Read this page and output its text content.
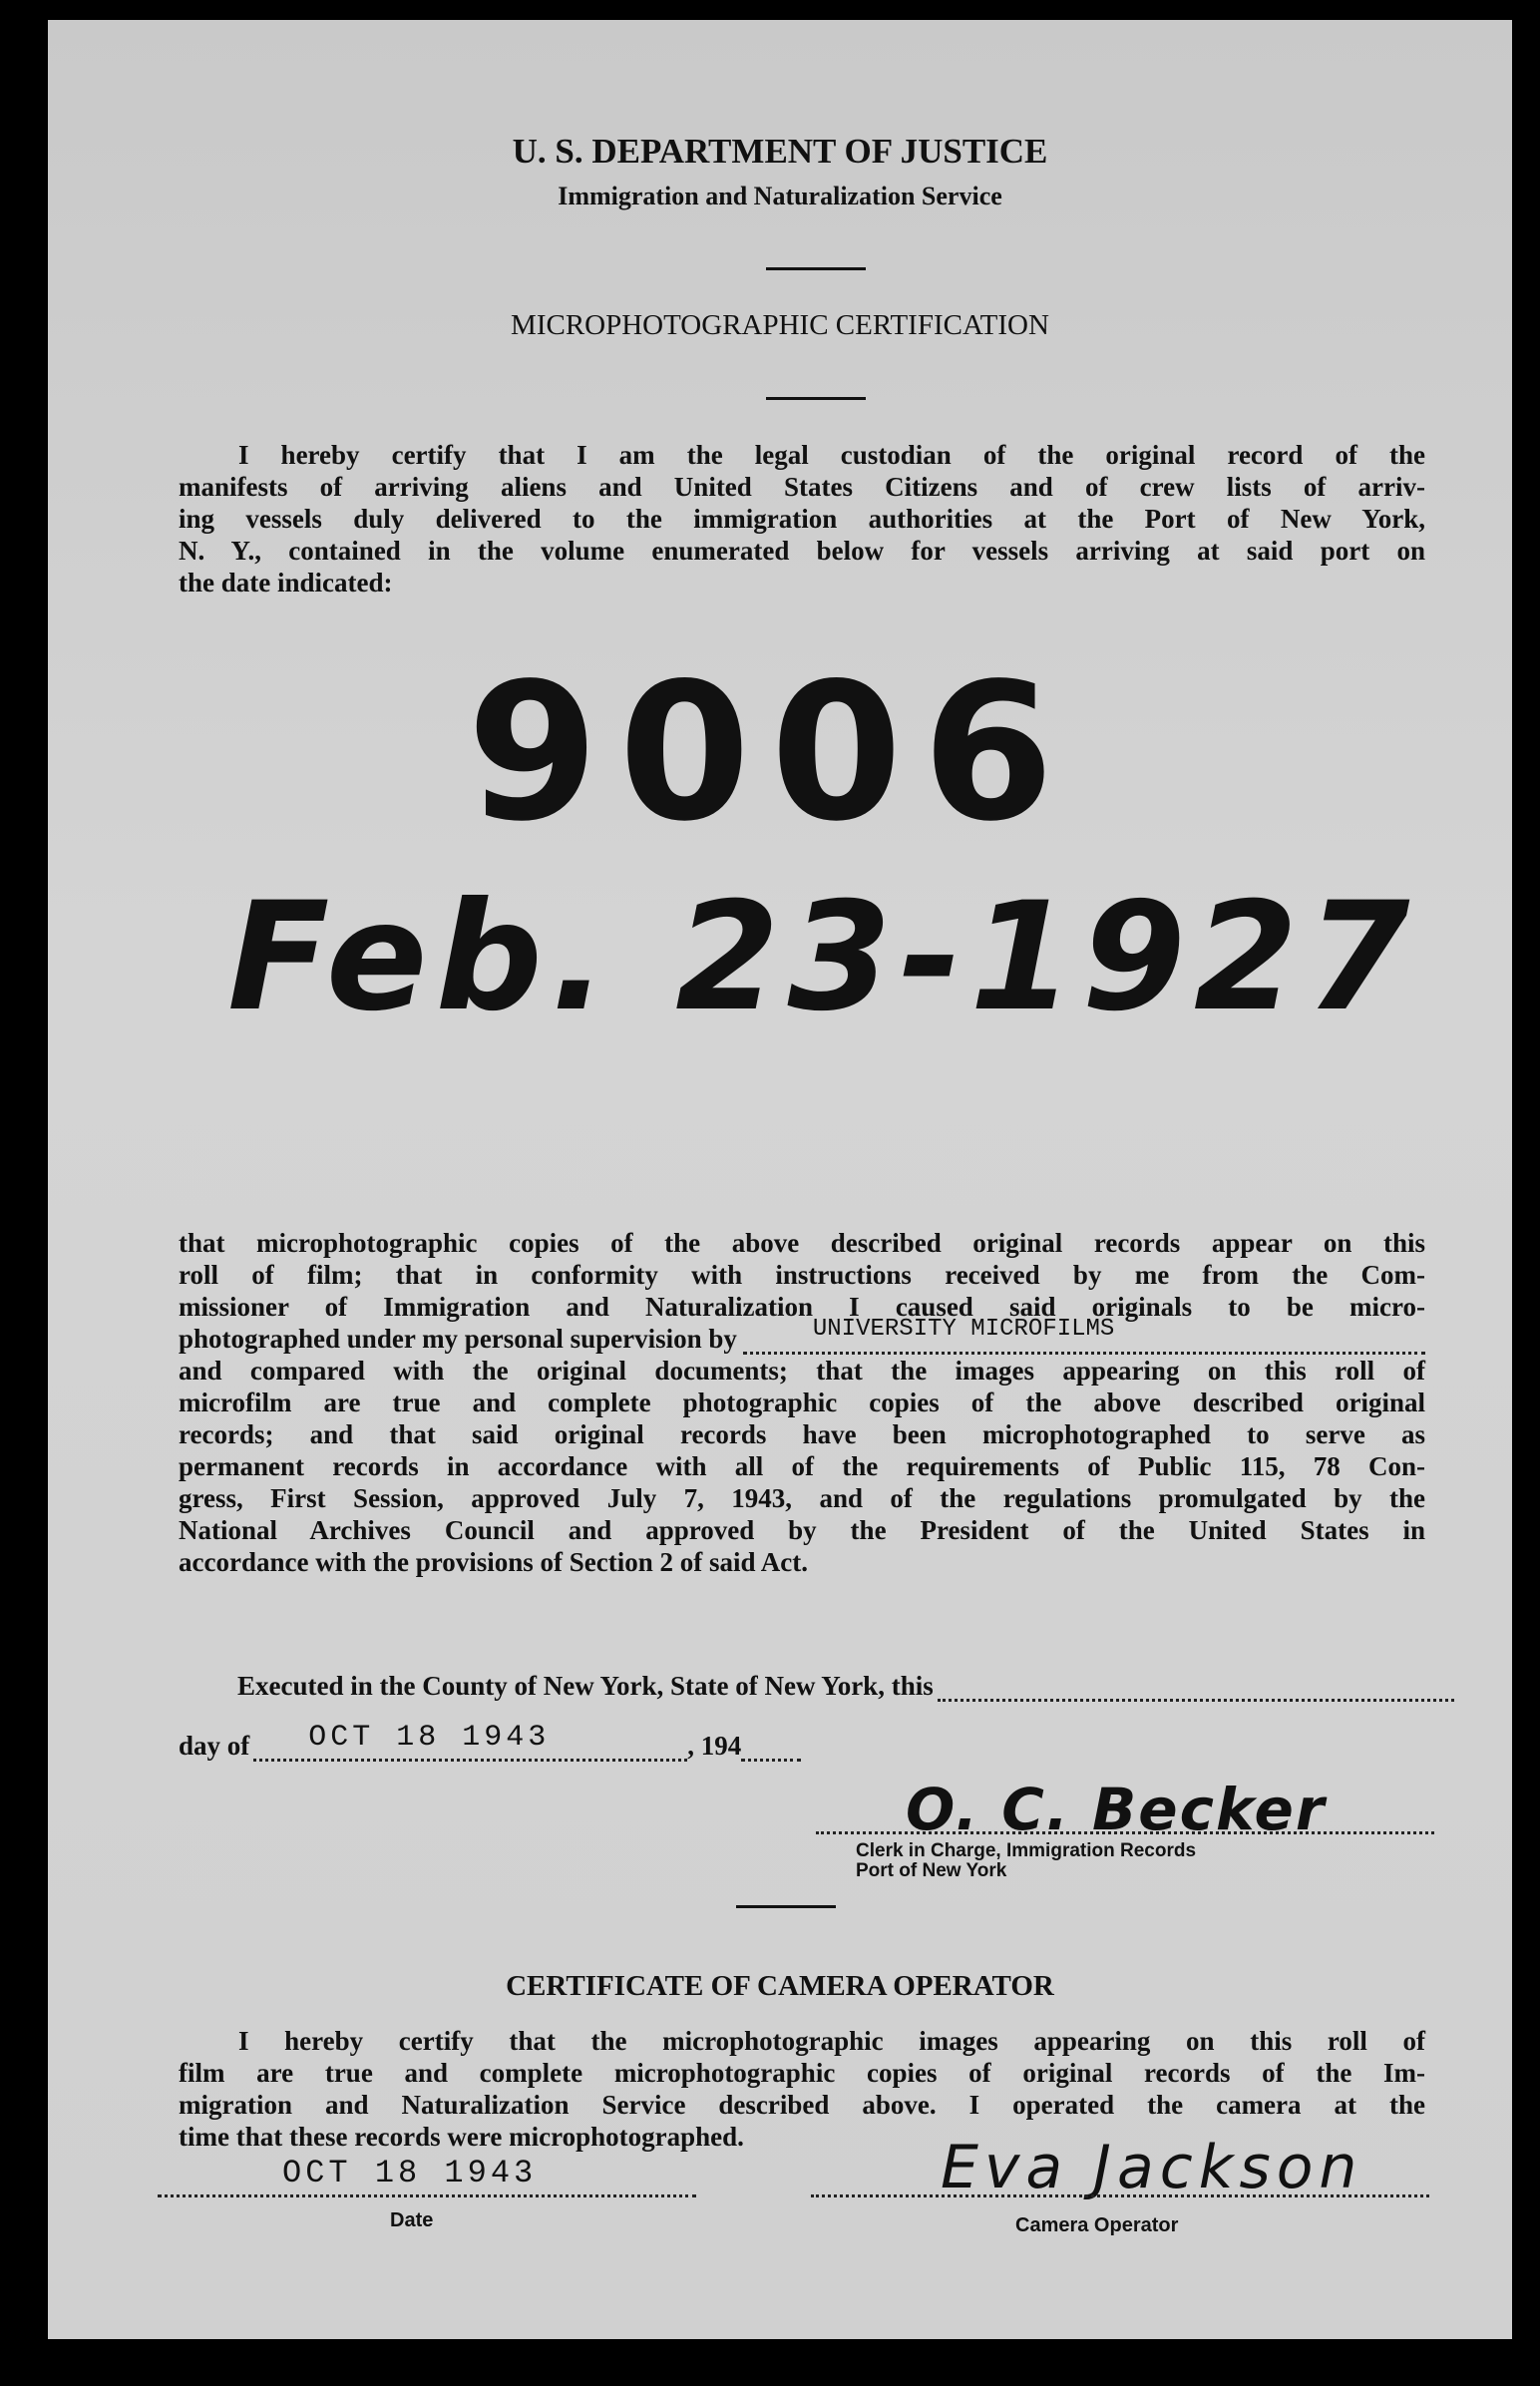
U. S. DEPARTMENT OF JUSTICE
Immigration and Naturalization Service
MICROPHOTOGRAPHIC CERTIFICATION
I hereby certify that I am the legal custodian of the original record of the
manifests of arriving aliens and United States Citizens and of crew lists of arriv-
ing vessels duly delivered to the immigration authorities at the Port of New York,
N. Y., contained in the volume enumerated below for vessels arriving at said port on
the date indicated:
9006
Feb. 23-1927
that microphotographic copies of the above described original records appear on this
roll of film; that in conformity with instructions received by me from the Com-
missioner of Immigration and Naturalization I caused said originals to be micro-
photographed under my personal supervision by	UNIVERSITY MICROFILMS
and compared with the original documents; that the images appearing on this roll of
microfilm are true and complete photographic copies of the above described original
records; and that said original records have been microphotographed to serve as
permanent records in accordance with all of the requirements of Public 115, 78 Con-
gress, First Session, approved July 7, 1943, and of the regulations promulgated by the
National Archives Council and approved by the President of the United States in
accordance with the provisions of Section 2 of said Act.
Executed in the County of New York, State of New York, this
day of OCT 18 1943	, 194
O. C. Becker
Clerk in Charge, Immigration Records
Port of New York
CERTIFICATE OF CAMERA OPERATOR
I hereby certify that the microphotographic images appearing on this roll of
film are true and complete microphotographic copies of original records of the Im-
migration and Naturalization Service described above. I operated the camera at the
time that these records were microphotographed.
OCT 18 1943
Date
Eva Jackson
Camera Operator
